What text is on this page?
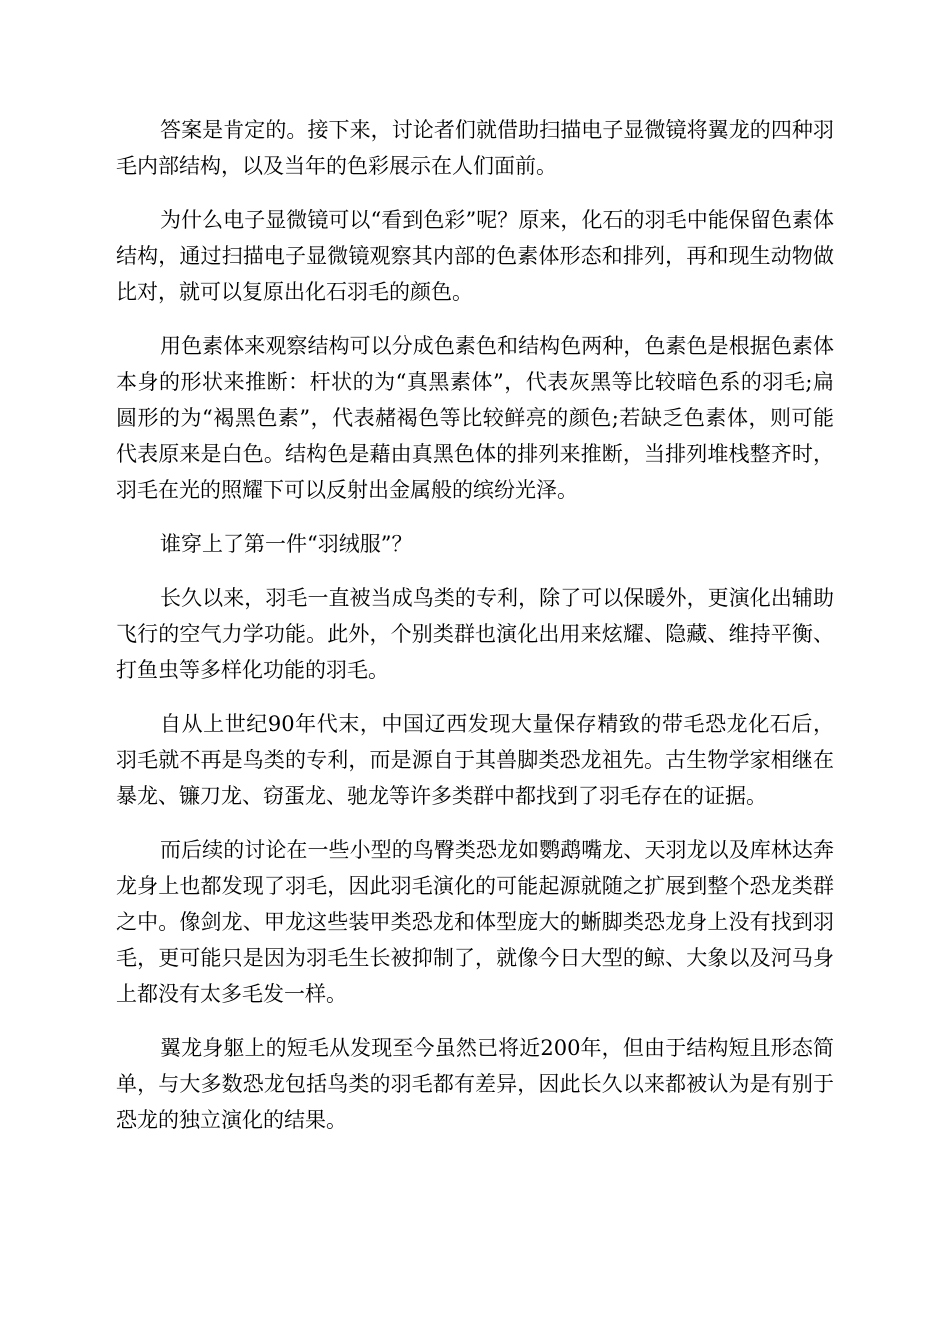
答案是肯定的。接下来，讨论者们就借助扫描电子显微镜将翼龙的四种羽毛内部结构，以及当年的色彩展示在人们面前。

为什么电子显微镜可以“看到色彩”呢？原来，化石的羽毛中能保留色素体结构，通过扫描电子显微镜观察其内部的色素体形态和排列，再和现生动物做比对，就可以复原出化石羽毛的颜色。

用色素体来观察结构可以分成色素色和结构色两种，色素色是根据色素体本身的形状来推断：杆状的为“真黑素体”，代表灰黑等比较暗色系的羽毛;扁圆形的为“褐黑色素”，代表赭褐色等比较鲜亮的颜色;若缺乏色素体，则可能代表原来是白色。结构色是藉由真黑色体的排列来推断，当排列堆栈整齐时，羽毛在光的照耀下可以反射出金属般的缤纷光泽。

谁穿上了第一件“羽绒服”？

长久以来，羽毛一直被当成鸟类的专利，除了可以保暖外，更演化出辅助飞行的空气力学功能。此外，个别类群也演化出用来炫耀、隐藏、维持平衡、打鱼虫等多样化功能的羽毛。

自从上世纪90年代末，中国辽西发现大量保存精致的带毛恐龙化石后，羽毛就不再是鸟类的专利，而是源自于其兽脚类恐龙祖先。古生物学家相继在暴龙、镰刀龙、窃蛋龙、驰龙等许多类群中都找到了羽毛存在的证据。

而后续的讨论在一些小型的鸟臀类恐龙如鹦鹉嘴龙、天羽龙以及库林达奔龙身上也都发现了羽毛，因此羽毛演化的可能起源就随之扩展到整个恐龙类群之中。像剑龙、甲龙这些装甲类恐龙和体型庞大的蜥脚类恐龙身上没有找到羽毛，更可能只是因为羽毛生长被抑制了，就像今日大型的鲸、大象以及河马身上都没有太多毛发一样。

翼龙身躯上的短毛从发现至今虽然已将近200年，但由于结构短且形态简单，与大多数恐龙包括鸟类的羽毛都有差异，因此长久以来都被认为是有别于恐龙的独立演化的结果。
